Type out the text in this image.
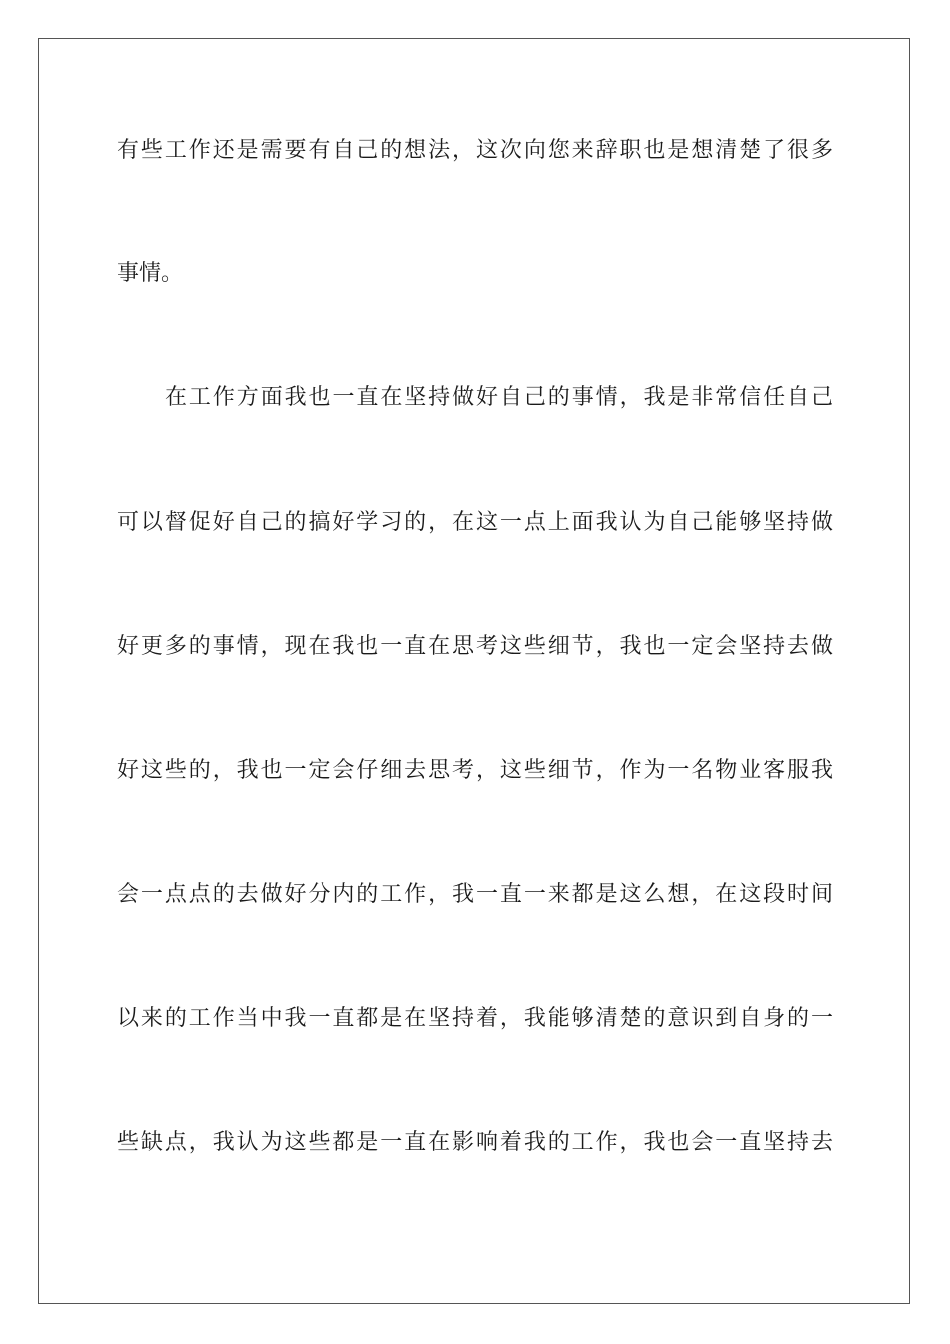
有些工作还是需要有自己的想法，这次向您来辞职也是想清楚了很多
事情。
在工作方面我也一直在坚持做好自己的事情，我是非常信任自己
可以督促好自己的搞好学习的，在这一点上面我认为自己能够坚持做
好更多的事情，现在我也一直在思考这些细节，我也一定会坚持去做
好这些的，我也一定会仔细去思考，这些细节，作为一名物业客服我
会一点点的去做好分内的工作，我一直一来都是这么想，在这段时间
以来的工作当中我一直都是在坚持着，我能够清楚的意识到自身的一
些缺点，我认为这些都是一直在影响着我的工作，我也会一直坚持去
